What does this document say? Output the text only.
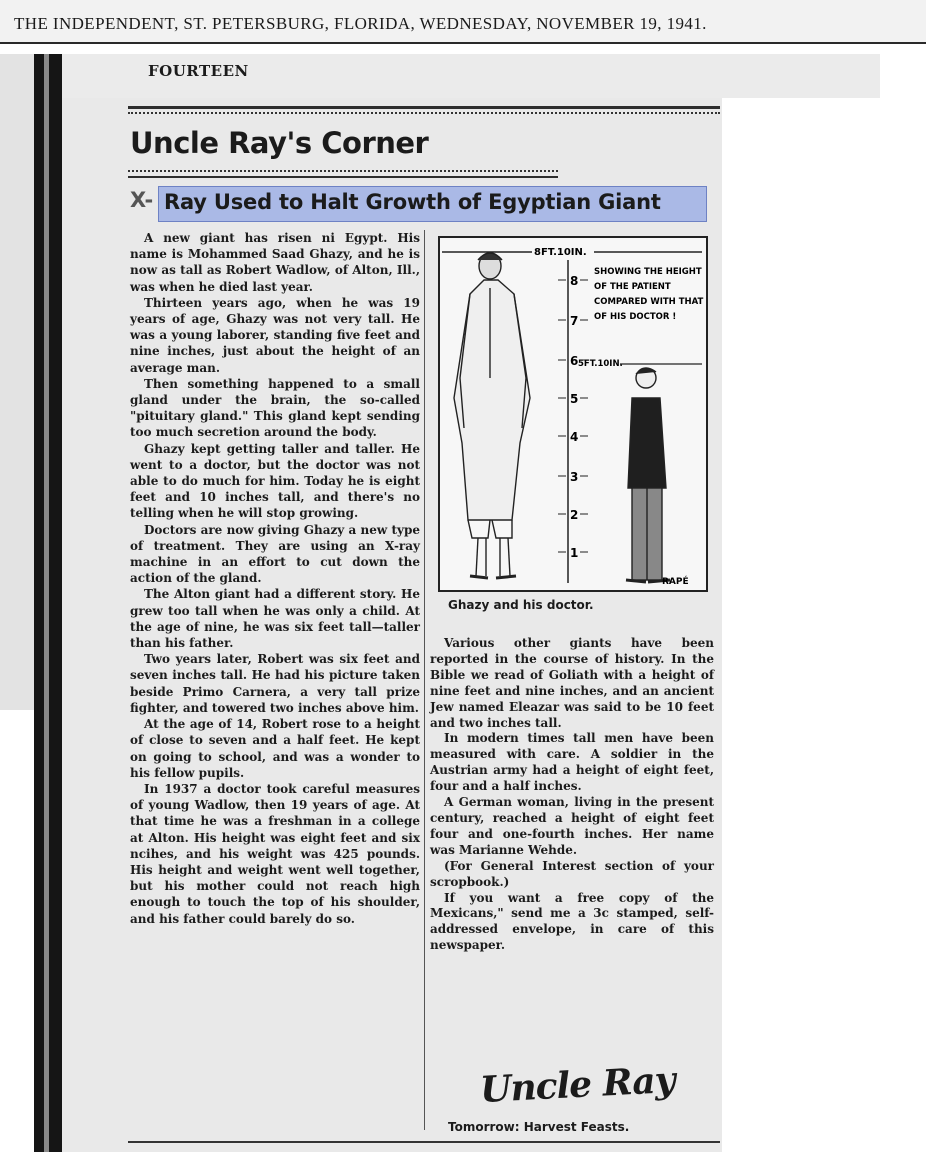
THE INDEPENDENT, ST. PETERSBURG, FLORIDA, WEDNESDAY, NOVEMBER 19, 1941.
FOURTEEN
Uncle Ray's Corner
X- Ray Used to Halt Growth of Egyptian Giant

A new giant has risen ni Egypt. His name is Mohammed Saad Ghazy, and he is now as tall as Robert Wadlow, of Alton, Ill., was when he died last year.

Thirteen years ago, when he was 19 years of age, Ghazy was not very tall. He was a young laborer, standing five feet and nine inches, just about the height of an average man.

Then something happened to a small gland under the brain, the so-called "pituitary gland." This gland kept sending too much secretion around the body.

Ghazy kept getting taller and taller. He went to a doctor, but the doctor was not able to do much for him. Today he is eight feet and 10 inches tall, and there's no telling when he will stop growing.

Doctors are now giving Ghazy a new type of treatment. They are using an X-ray machine in an effort to cut down the action of the gland.

The Alton giant had a different story. He grew too tall when he was only a child. At the age of nine, he was six feet tall—taller than his father.

Two years later, Robert was six feet and seven inches tall. He had his picture taken beside Primo Carnera, a very tall prize fighter, and towered two inches above him.

At the age of 14, Robert rose to a height of close to seven and a half feet. He kept on going to school, and was a wonder to his fellow pupils.

In 1937 a doctor took careful measures of young Wadlow, then 19 years of age. At that time he was a freshman in a college at Alton. His height was eight feet and six ncihes, and his weight was 425 pounds. His height and weight went well together, but his mother could not reach high enough to touch the top of his shoulder, and his father could barely do so.

8FT.10IN.
8
7
6
5
4
3
2
1
SHOWING THE HEIGHT
OF THE PATIENT
COMPARED WITH THAT
OF HIS DOCTOR !
5FT.10IN.
RAPÉ
Ghazy and his doctor.

Various other giants have been reported in the course of history. In the Bible we read of Goliath with a height of nine feet and nine inches, and an ancient Jew named Eleazar was said to be 10 feet and two inches tall.

In modern times tall men have been measured with care. A soldier in the Austrian army had a height of eight feet, four and a half inches.

A German woman, living in the present century, reached a height of eight feet four and one-fourth inches. Her name was Marianne Wehde.

(For General Interest section of your scropbook.)

If you want a free copy of the Mexicans," send me a 3c stamped, self-addressed envelope, in care of this newspaper.

Uncle Ray
Tomorrow: Harvest Feasts.
